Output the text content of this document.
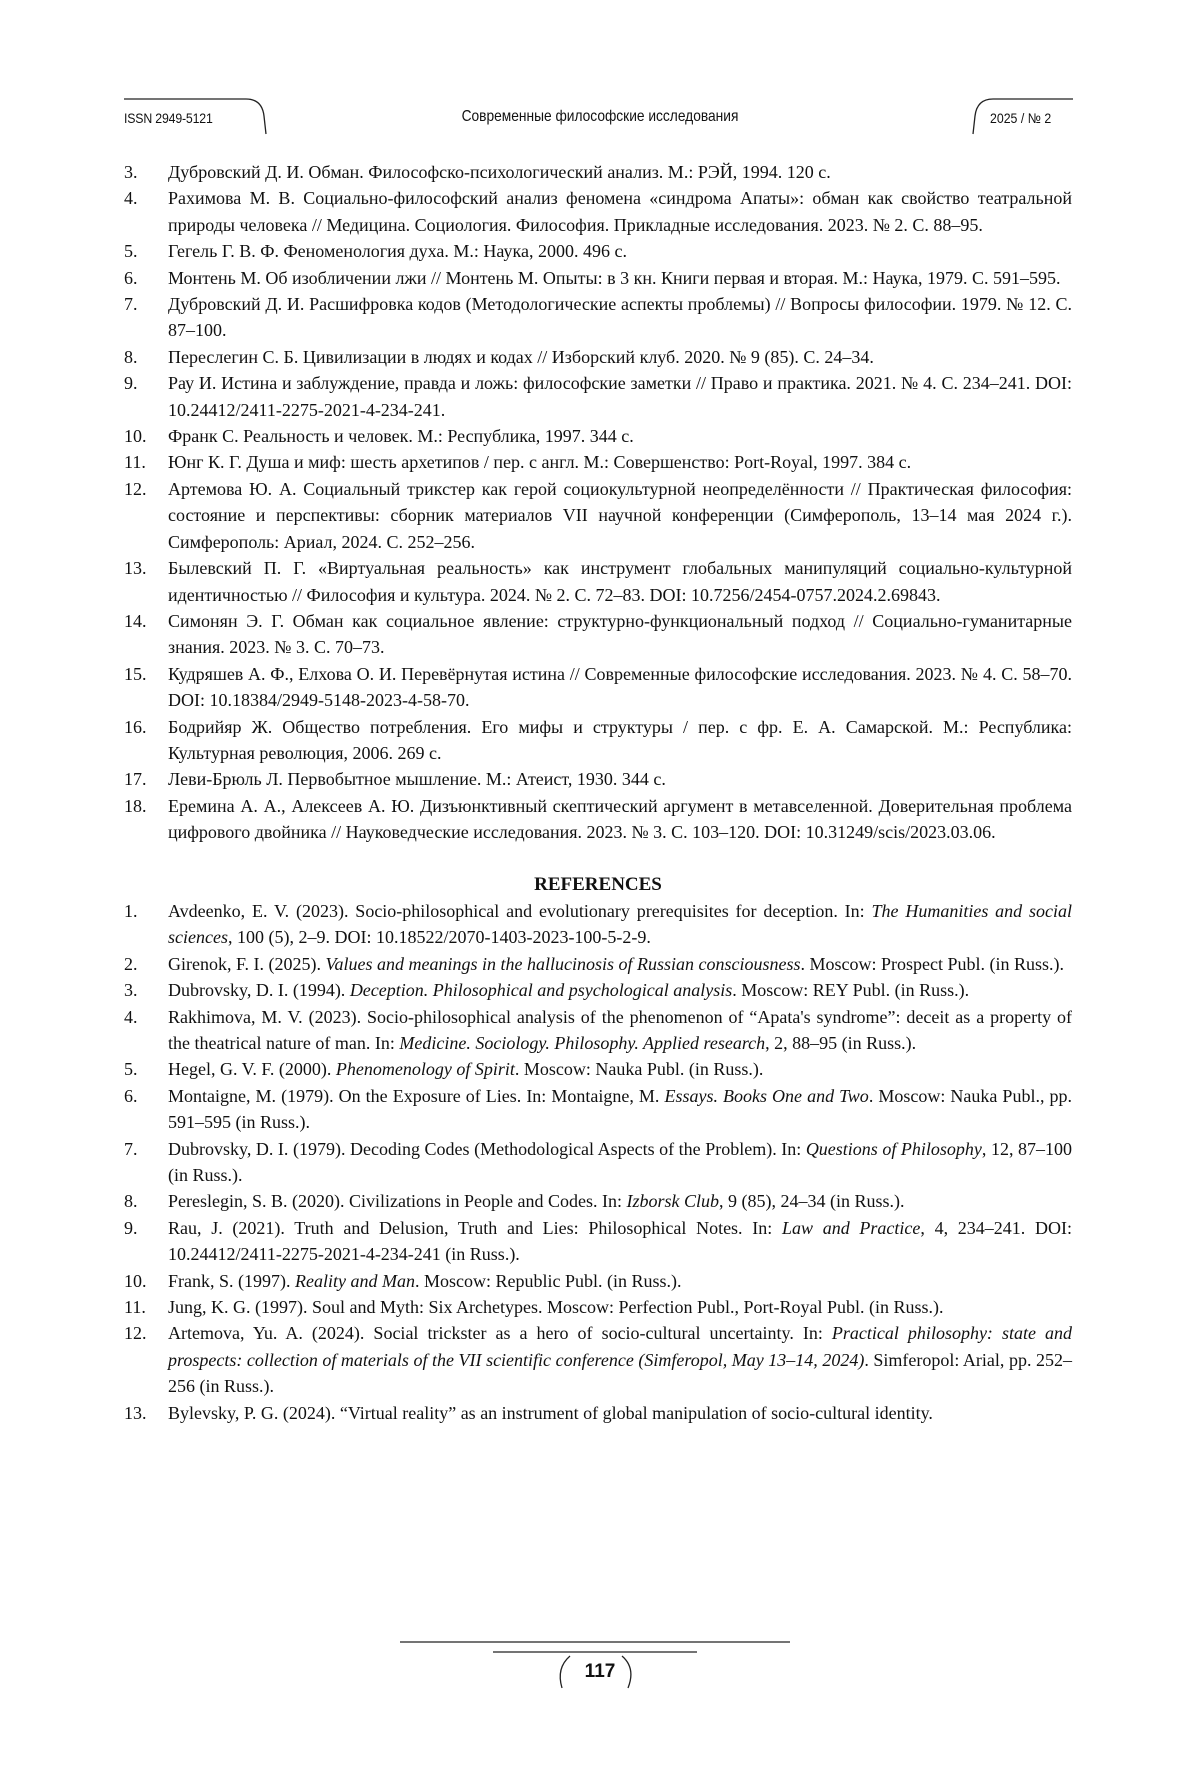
ISSN 2949-5121	Современные философские исследования	2025 / № 2
3.	Дубровский Д. И. Обман. Философско-психологический анализ. М.: РЭЙ, 1994. 120 с.
4.	Рахимова М. В. Социально-философский анализ феномена «синдрома Апаты»: обман как свойство театральной природы человека // Медицина. Социология. Философия. Прикладные исследования. 2023. № 2. С. 88–95.
5.	Гегель Г. В. Ф. Феноменология духа. М.: Наука, 2000. 496 с.
6.	Монтень М. Об изобличении лжи // Монтень М. Опыты: в 3 кн. Книги первая и вторая. М.: Наука, 1979. С. 591–595.
7.	Дубровский Д. И. Расшифровка кодов (Методологические аспекты проблемы) // Вопросы философии. 1979. № 12. С. 87–100.
8.	Переслегин С. Б. Цивилизации в людях и кодах // Изборский клуб. 2020. № 9 (85). С. 24–34.
9.	Рау И. Истина и заблуждение, правда и ложь: философские заметки // Право и практика. 2021. № 4. С. 234–241. DOI: 10.24412/2411-2275-2021-4-234-241.
10.	Франк С. Реальность и человек. М.: Республика, 1997. 344 с.
11.	Юнг К. Г. Душа и миф: шесть архетипов / пер. с англ. М.: Совершенство: Port-Royal, 1997. 384 с.
12.	Артемова Ю. А. Социальный трикстер как герой социокультурной неопределённости // Практическая философия: состояние и перспективы: сборник материалов VII научной конференции (Симферополь, 13–14 мая 2024 г.). Симферополь: Ариал, 2024. С. 252–256.
13.	Былевский П. Г. «Виртуальная реальность» как инструмент глобальных манипуляций социально-культурной идентичностью // Философия и культура. 2024. № 2. С. 72–83. DOI: 10.7256/2454-0757.2024.2.69843.
14.	Симонян Э. Г. Обман как социальное явление: структурно-функциональный подход // Социально-гуманитарные знания. 2023. № 3. С. 70–73.
15.	Кудряшев А. Ф., Елхова О. И. Перевёрнутая истина // Современные философские исследования. 2023. № 4. С. 58–70. DOI: 10.18384/2949-5148-2023-4-58-70.
16.	Бодрийяр Ж. Общество потребления. Его мифы и структуры / пер. с фр. Е. А. Самарской. М.: Республика: Культурная революция, 2006. 269 с.
17.	Леви-Брюль Л. Первобытное мышление. М.: Атеист, 1930. 344 с.
18.	Еремина А. А., Алексеев А. Ю. Дизъюнктивный скептический аргумент в метавселенной. Доверительная проблема цифрового двойника // Науковедческие исследования. 2023. № 3. С. 103–120. DOI: 10.31249/scis/2023.03.06.
REFERENCES
1.	Avdeenko, E. V. (2023). Socio-philosophical and evolutionary prerequisites for deception. In: The Humanities and social sciences, 100 (5), 2–9. DOI: 10.18522/2070-1403-2023-100-5-2-9.
2.	Girenok, F. I. (2025). Values and meanings in the hallucinosis of Russian consciousness. Moscow: Prospect Publ. (in Russ.).
3.	Dubrovsky, D. I. (1994). Deception. Philosophical and psychological analysis. Moscow: REY Publ. (in Russ.).
4.	Rakhimova, M. V. (2023). Socio-philosophical analysis of the phenomenon of “Apata's syndrome”: deceit as a property of the theatrical nature of man. In: Medicine. Sociology. Philosophy. Applied research, 2, 88–95 (in Russ.).
5.	Hegel, G. V. F. (2000). Phenomenology of Spirit. Moscow: Nauka Publ. (in Russ.).
6.	Montaigne, M. (1979). On the Exposure of Lies. In: Montaigne, M. Essays. Books One and Two. Moscow: Nauka Publ., pp. 591–595 (in Russ.).
7.	Dubrovsky, D. I. (1979). Decoding Codes (Methodological Aspects of the Problem). In: Questions of Philosophy, 12, 87–100 (in Russ.).
8.	Pereslegin, S. B. (2020). Civilizations in People and Codes. In: Izborsk Club, 9 (85), 24–34 (in Russ.).
9.	Rau, J. (2021). Truth and Delusion, Truth and Lies: Philosophical Notes. In: Law and Practice, 4, 234–241. DOI: 10.24412/2411-2275-2021-4-234-241 (in Russ.).
10.	Frank, S. (1997). Reality and Man. Moscow: Republic Publ. (in Russ.).
11.	Jung, K. G. (1997). Soul and Myth: Six Archetypes. Moscow: Perfection Publ., Port-Royal Publ. (in Russ.).
12.	Artemova, Yu. A. (2024). Social trickster as a hero of socio-cultural uncertainty. In: Practical philosophy: state and prospects: collection of materials of the VII scientific conference (Simferopol, May 13–14, 2024). Simferopol: Arial, pp. 252–256 (in Russ.).
13.	Bylevsky, P. G. (2024). “Virtual reality” as an instrument of global manipulation of socio-cultural identity.
117
